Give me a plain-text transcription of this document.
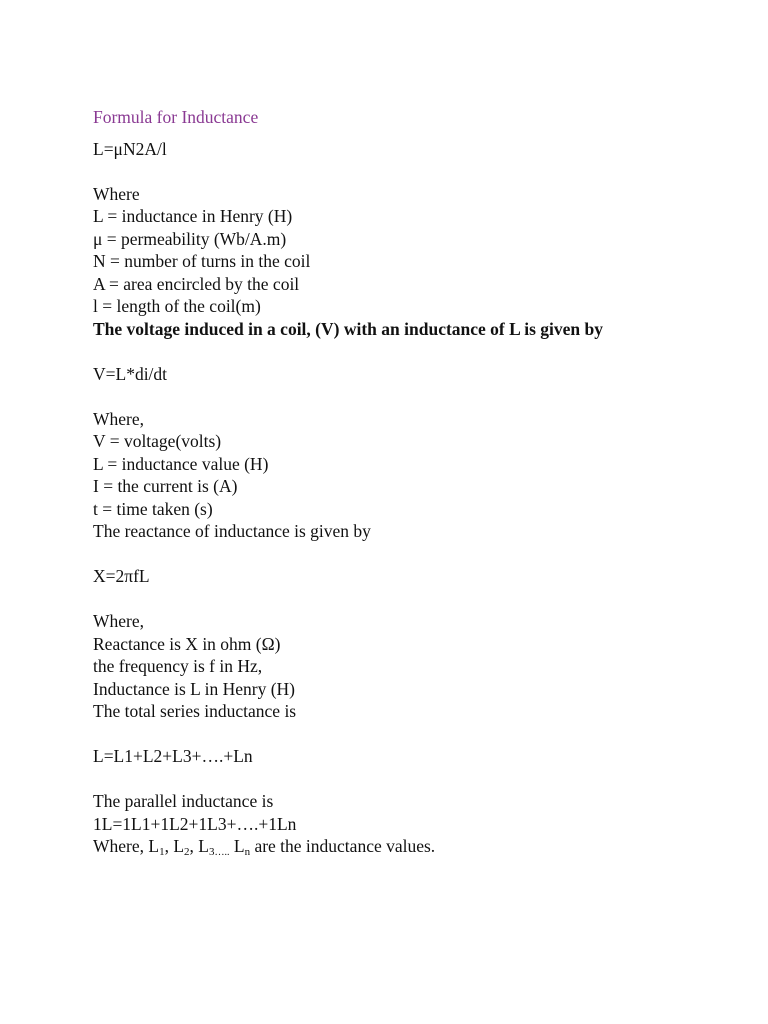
Formula for Inductance
L=μN2A/l
Where
L = inductance in Henry (H)
μ = permeability (Wb/A.m)
N = number of turns in the coil
A = area encircled by the coil
l = length of the coil(m)
The voltage induced in a coil, (V) with an inductance of L is given by
V=L*di/dt
Where,
V = voltage(volts)
L = inductance value (H)
I = the current is (A)
t = time taken (s)
The reactance of inductance is given by
X=2πfL
Where,
Reactance is X in ohm (Ω)
the frequency is f in Hz,
Inductance is L in Henry (H)
The total series inductance is
L=L1+L2+L3+….+Ln
The parallel inductance is
1L=1L1+1L2+1L3+….+1Ln
Where, $L_1$, $L_2$, $L_3\dots$.. $L_n$ are the inductance values.
